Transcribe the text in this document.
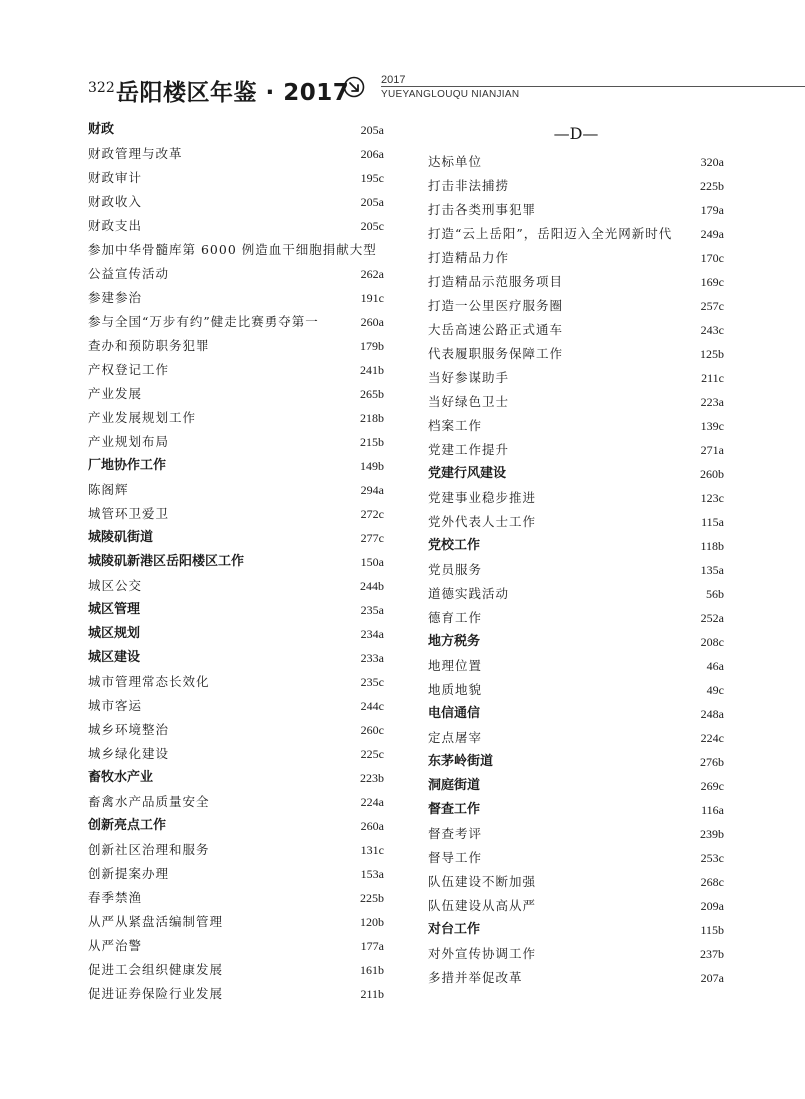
322 岳阳楼区年鉴 · 2017	2017
YUEYANGLOUQU NIANJIAN
财政	205a
财政管理与改革	206a
财政审计	195c
财政收入	205a
财政支出	205c
参加中华骨髓库第 6000 例造血干细胞捐献大型
公益宣传活动	262a
参建参治	191c
参与全国“万步有约”健走比赛勇夺第一	260a
查办和预防职务犯罪	179b
产权登记工作	241b
产业发展	265b
产业发展规划工作	218b
产业规划布局	215b
厂地协作工作	149b
陈阁辉	294a
城管环卫爱卫	272c
城陵矶街道	277c
城陵矶新港区岳阳楼区工作	150a
城区公交	244b
城区管理	235a
城区规划	234a
城区建设	233a
城市管理常态长效化	235c
城市客运	244c
城乡环境整治	260c
城乡绿化建设	225c
畜牧水产业	223b
畜禽水产品质量安全	224a
创新亮点工作	260a
创新社区治理和服务	131c
创新提案办理	153a
春季禁渔	225b
从严从紧盘活编制管理	120b
从严治警	177a
促进工会组织健康发展	161b
促进证券保险行业发展	211b
—D—
达标单位	320a
打击非法捕捞	225b
打击各类刑事犯罪	179a
打造“云上岳阳”，岳阳迈入全光网新时代 249a
打造精品力作	170c
打造精品示范服务项目	169c
打造一公里医疗服务圈	257c
大岳高速公路正式通车	243c
代表履职服务保障工作	125b
当好参谋助手	211c
当好绿色卫士	223a
档案工作	139c
党建工作提升	271a
党建行风建设	260b
党建事业稳步推进	123c
党外代表人士工作	115a
党校工作	118b
党员服务	135a
道德实践活动	56b
德育工作	252a
地方税务	208c
地理位置	46a
地质地貌	49c
电信通信	248a
定点屠宰	224c
东茅岭街道	276b
洞庭街道	269c
督查工作	116a
督查考评	239b
督导工作	253c
队伍建设不断加强	268c
队伍建设从高从严	209a
对台工作	115b
对外宣传协调工作	237b
多措并举促改革	207a
